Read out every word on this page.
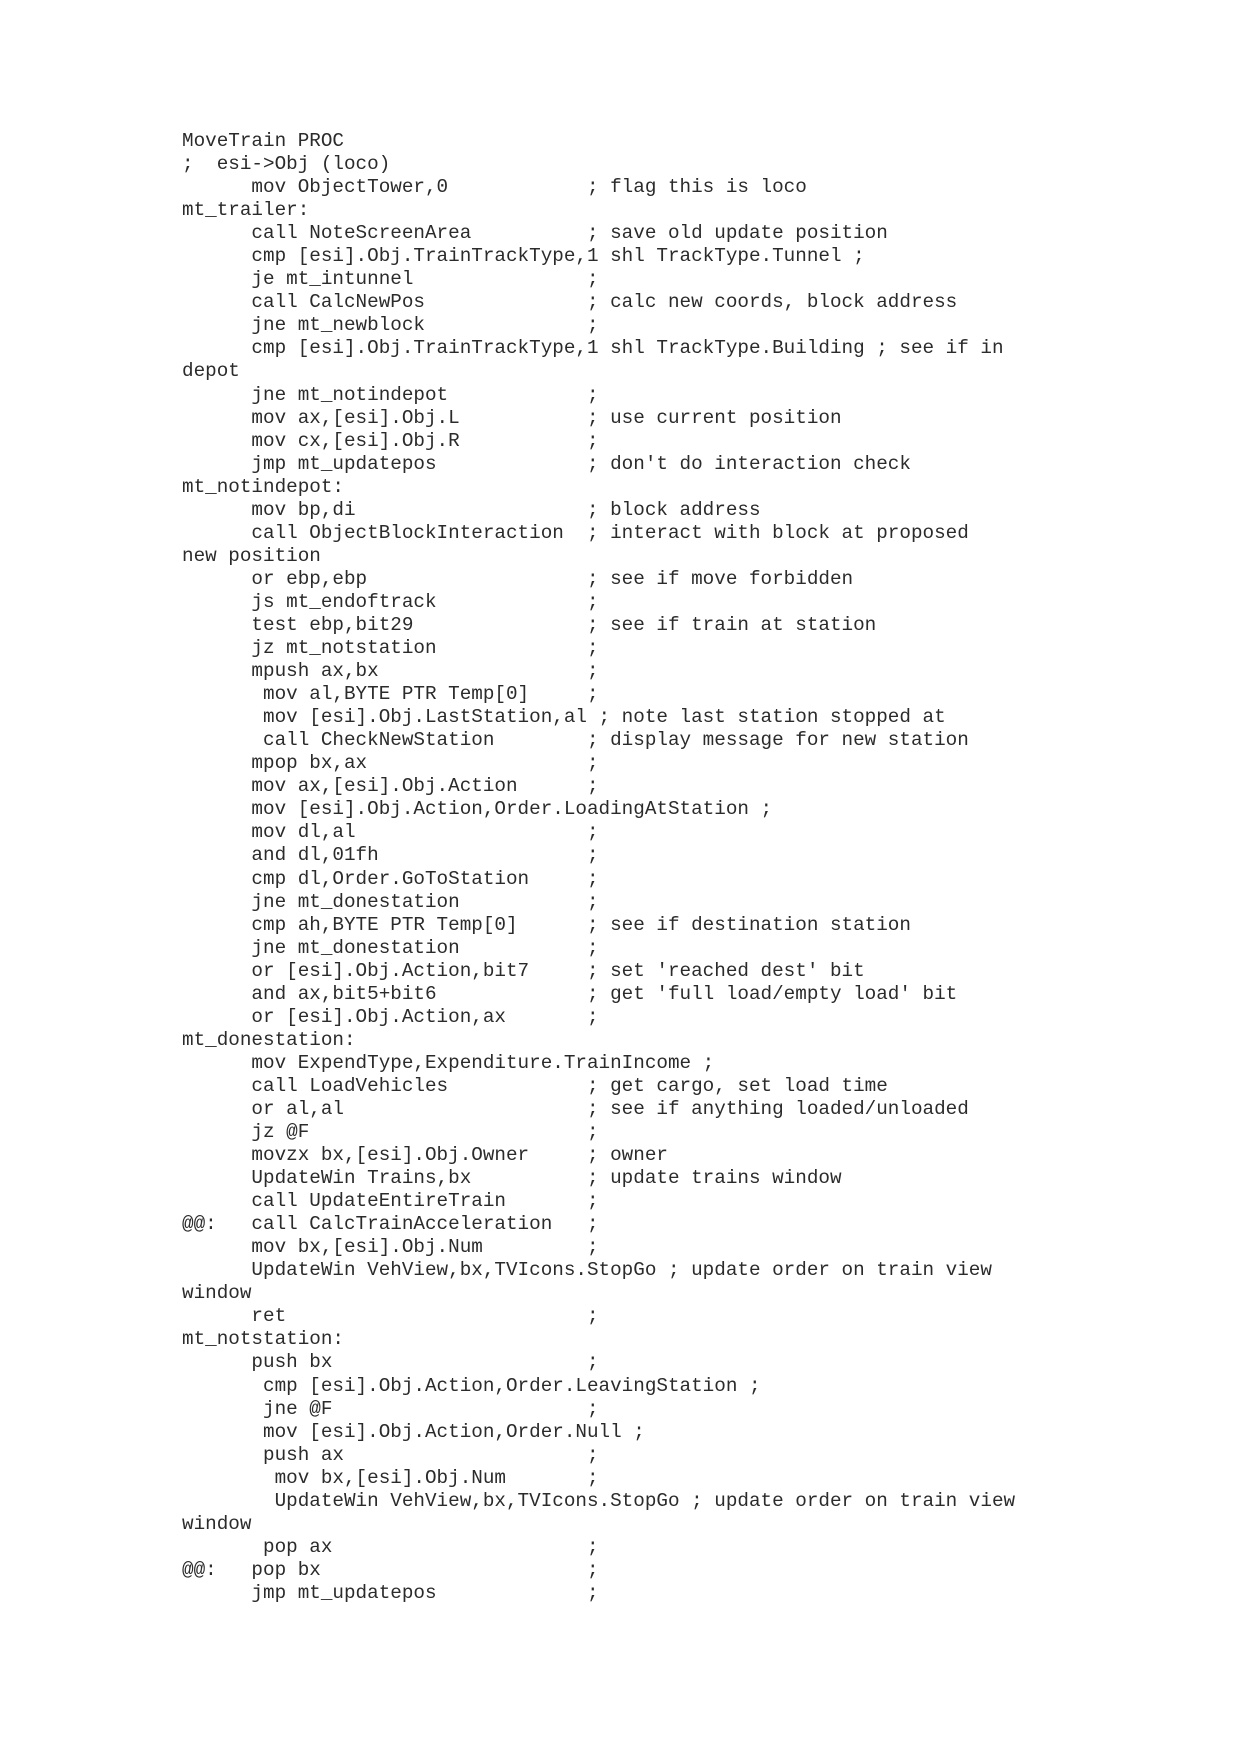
MoveTrain PROC
;  esi->Obj (loco)
mov ObjectTower,0            ; flag this is loco
mt_trailer:
call NoteScreenArea          ; save old update position
cmp [esi].Obj.TrainTrackType,1 shl TrackType.Tunnel ;
je mt_intunnel               ;
call CalcNewPos              ; calc new coords, block address
jne mt_newblock              ;
cmp [esi].Obj.TrainTrackType,1 shl TrackType.Building ; see if in
depot
jne mt_notindepot            ;
mov ax,[esi].Obj.L           ; use current position
mov cx,[esi].Obj.R           ;
jmp mt_updatepos             ; don't do interaction check
mt_notindepot:
mov bp,di                    ; block address
call ObjectBlockInteraction  ; interact with block at proposed
new position
or ebp,ebp                   ; see if move forbidden
js mt_endoftrack             ;
test ebp,bit29               ; see if train at station
jz mt_notstation             ;
mpush ax,bx                  ;
mov al,BYTE PTR Temp[0]     ;
mov [esi].Obj.LastStation,al ; note last station stopped at
call CheckNewStation        ; display message for new station
mpop bx,ax                   ;
mov ax,[esi].Obj.Action      ;
mov [esi].Obj.Action,Order.LoadingAtStation ;
mov dl,al                    ;
and dl,01fh                  ;
cmp dl,Order.GoToStation     ;
jne mt_donestation           ;
cmp ah,BYTE PTR Temp[0]      ; see if destination station
jne mt_donestation           ;
or [esi].Obj.Action,bit7     ; set 'reached dest' bit
and ax,bit5+bit6             ; get 'full load/empty load' bit
or [esi].Obj.Action,ax       ;
mt_donestation:
mov ExpendType,Expenditure.TrainIncome ;
call LoadVehicles            ; get cargo, set load time
or al,al                     ; see if anything loaded/unloaded
jz @F                        ;
movzx bx,[esi].Obj.Owner     ; owner
UpdateWin Trains,bx          ; update trains window
call UpdateEntireTrain       ;
@@:   call CalcTrainAcceleration   ;
mov bx,[esi].Obj.Num         ;
UpdateWin VehView,bx,TVIcons.StopGo ; update order on train view
window
ret                          ;
mt_notstation:
push bx                      ;
cmp [esi].Obj.Action,Order.LeavingStation ;
jne @F                      ;
mov [esi].Obj.Action,Order.Null ;
push ax                     ;
mov bx,[esi].Obj.Num       ;
UpdateWin VehView,bx,TVIcons.StopGo ; update order on train view
window
pop ax                      ;
@@:   pop bx                       ;
jmp mt_updatepos             ;
